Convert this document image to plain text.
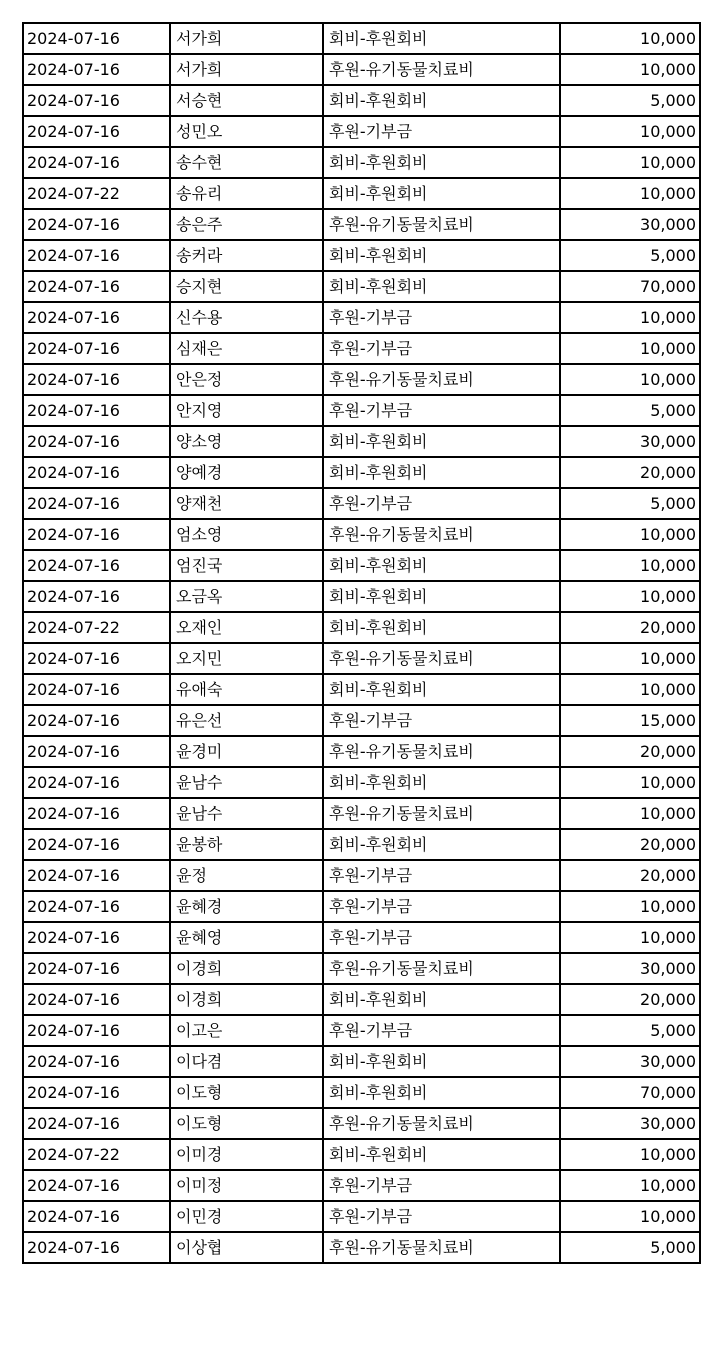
2024-07-16	서가희	회비-후원회비	10,000
2024-07-16	서가희	후원-유기동물치료비	10,000
2024-07-16	서승현	회비-후원회비	5,000
2024-07-16	성민오	후원-기부금	10,000
2024-07-16	송수현	회비-후원회비	10,000
2024-07-22	송유리	회비-후원회비	10,000
2024-07-16	송은주	후원-유기동물치료비	30,000
2024-07-16	송커라	회비-후원회비	5,000
2024-07-16	승지현	회비-후원회비	70,000
2024-07-16	신수용	후원-기부금	10,000
2024-07-16	심재은	후원-기부금	10,000
2024-07-16	안은정	후원-유기동물치료비	10,000
2024-07-16	안지영	후원-기부금	5,000
2024-07-16	양소영	회비-후원회비	30,000
2024-07-16	양예경	회비-후원회비	20,000
2024-07-16	양재천	후원-기부금	5,000
2024-07-16	엄소영	후원-유기동물치료비	10,000
2024-07-16	엄진국	회비-후원회비	10,000
2024-07-16	오금옥	회비-후원회비	10,000
2024-07-22	오재인	회비-후원회비	20,000
2024-07-16	오지민	후원-유기동물치료비	10,000
2024-07-16	유애숙	회비-후원회비	10,000
2024-07-16	유은선	후원-기부금	15,000
2024-07-16	윤경미	후원-유기동물치료비	20,000
2024-07-16	윤남수	회비-후원회비	10,000
2024-07-16	윤남수	후원-유기동물치료비	10,000
2024-07-16	윤봉하	회비-후원회비	20,000
2024-07-16	윤정	후원-기부금	20,000
2024-07-16	윤혜경	후원-기부금	10,000
2024-07-16	윤혜영	후원-기부금	10,000
2024-07-16	이경희	후원-유기동물치료비	30,000
2024-07-16	이경희	회비-후원회비	20,000
2024-07-16	이고은	후원-기부금	5,000
2024-07-16	이다겸	회비-후원회비	30,000
2024-07-16	이도형	회비-후원회비	70,000
2024-07-16	이도형	후원-유기동물치료비	30,000
2024-07-22	이미경	회비-후원회비	10,000
2024-07-16	이미정	후원-기부금	10,000
2024-07-16	이민경	후원-기부금	10,000
2024-07-16	이상협	후원-유기동물치료비	5,000
